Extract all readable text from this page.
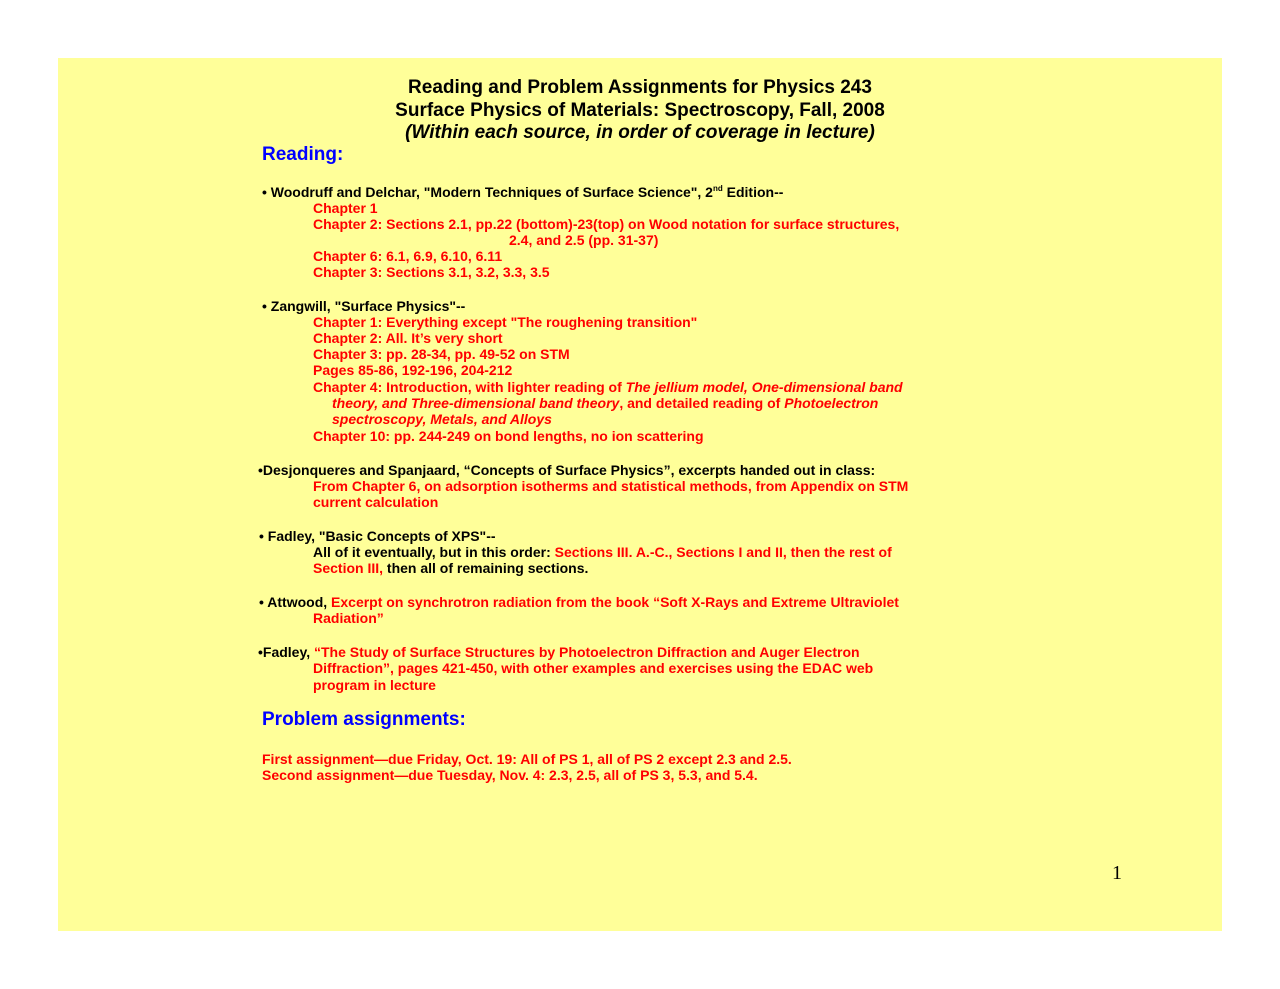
Reading and Problem Assignments for Physics 243
Surface Physics of Materials: Spectroscopy, Fall, 2008
(Within each source, in order of coverage in lecture)
Reading:
• Woodruff and Delchar, "Modern Techniques of Surface Science", 2nd Edition--
Chapter 1
Chapter 2: Sections 2.1, pp.22 (bottom)-23(top) on Wood notation for surface structures,
2.4, and 2.5 (pp. 31-37)
Chapter 6: 6.1, 6.9, 6.10, 6.11
Chapter 3: Sections 3.1, 3.2, 3.3, 3.5
• Zangwill, "Surface Physics"--
Chapter 1: Everything except "The roughening transition"
Chapter 2: All. It’s very short
Chapter 3: pp. 28-34, pp. 49-52 on STM
Pages 85-86, 192-196, 204-212
Chapter 4: Introduction, with lighter reading of The jellium model, One-dimensional band
theory, and Three-dimensional band theory, and detailed reading of Photoelectron
spectroscopy, Metals, and Alloys
Chapter 10: pp. 244-249 on bond lengths, no ion scattering
•Desjonqueres and Spanjaard, “Concepts of Surface Physics”, excerpts handed out in class:
From Chapter 6, on adsorption isotherms and statistical methods, from Appendix on STM
current calculation
• Fadley, "Basic Concepts of XPS"--
All of it eventually, but in this order: Sections III. A.-C., Sections I and II, then the rest of
Section III, then all of remaining sections.
• Attwood, Excerpt on synchrotron radiation from the book “Soft X-Rays and Extreme Ultraviolet
Radiation”
•Fadley, “The Study of Surface Structures by Photoelectron Diffraction and Auger Electron
Diffraction”, pages 421-450, with other examples and exercises using the EDAC web
program in lecture
Problem assignments:
First assignment—due Friday, Oct. 19: All of PS 1, all of PS 2 except 2.3 and 2.5.
Second assignment—due Tuesday, Nov. 4: 2.3, 2.5, all of PS 3, 5.3, and 5.4.
1
